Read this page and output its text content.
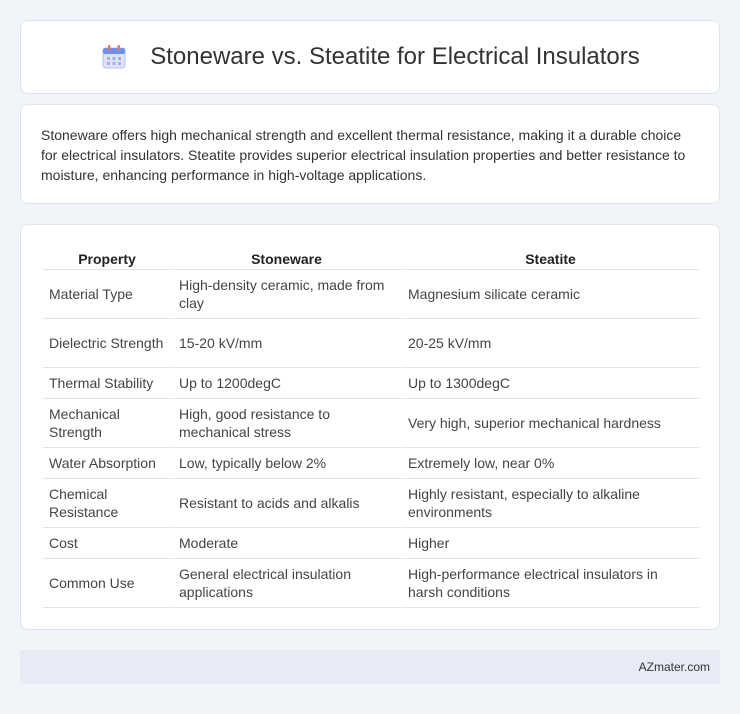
Stoneware vs. Steatite for Electrical Insulators

Stoneware offers high mechanical strength and excellent thermal resistance, making it a durable choice for electrical insulators. Steatite provides superior electrical insulation properties and better resistance to moisture, enhancing performance in high-voltage applications.

Property	Stoneware	Steatite
Material Type	High-density ceramic, made from clay	Magnesium silicate ceramic
Dielectric Strength	15-20 kV/mm	20-25 kV/mm
Thermal Stability	Up to 1200degC	Up to 1300degC
Mechanical Strength	High, good resistance to mechanical stress	Very high, superior mechanical hardness
Water Absorption	Low, typically below 2%	Extremely low, near 0%
Chemical Resistance	Resistant to acids and alkalis	Highly resistant, especially to alkaline environments
Cost	Moderate	Higher
Common Use	General electrical insulation applications	High-performance electrical insulators in harsh conditions
AZmater.com
